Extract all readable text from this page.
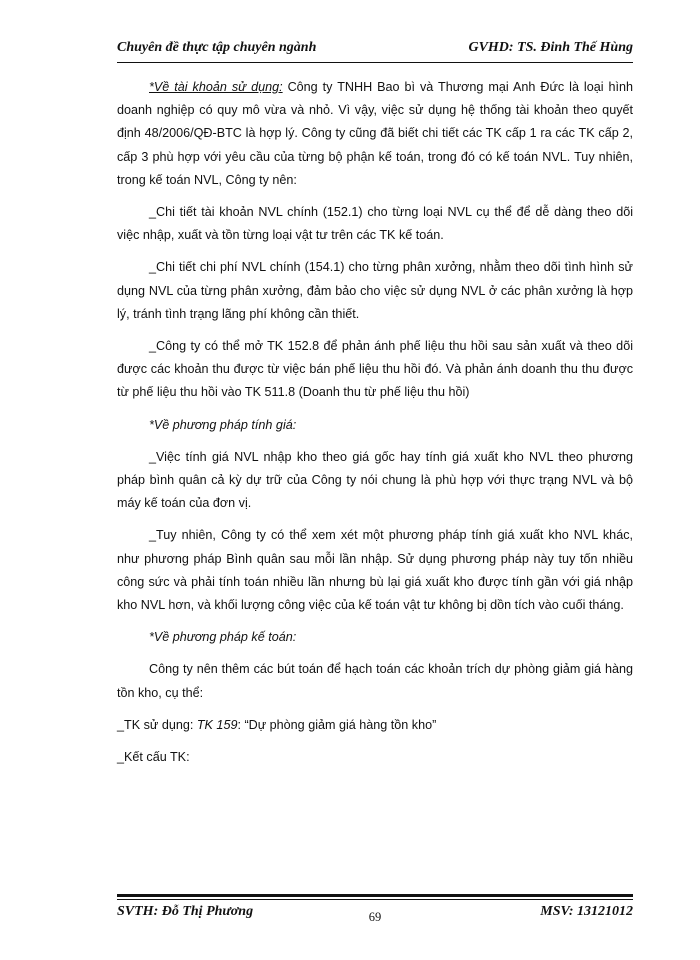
Chuyên đề thực tập chuyên ngành	GVHD: TS. Đinh Thế Hùng

*Về tài khoản sử dụng: Công ty TNHH Bao bì và Thương mại Anh Đức là loại hình doanh nghiệp có quy mô vừa và nhỏ. Vì vậy, việc sử dụng hệ thống tài khoản theo quyết định 48/2006/QĐ-BTC là hợp lý. Công ty cũng đã biết chi tiết các TK cấp 1 ra các TK cấp 2, cấp 3 phù hợp với yêu cầu của từng bộ phận kế toán, trong đó có kế toán NVL. Tuy nhiên, trong kế toán NVL, Công ty nên:

_Chi tiết tài khoản NVL chính (152.1) cho từng loại NVL cụ thể để dễ dàng theo dõi việc nhập, xuất và tồn từng loại vật tư trên các TK kế toán.

_Chi tiết chi phí NVL chính (154.1) cho từng phân xưởng, nhằm theo dõi tình hình sử dụng NVL của từng phân xưởng, đảm bảo cho việc sử dụng NVL ở các phân xưởng là hợp lý, tránh tình trạng lãng phí không cần thiết.

_Công ty có thể mở TK 152.8 để phản ánh phế liệu thu hồi sau sản xuất và theo dõi được các khoản thu được từ việc bán phế liệu thu hồi đó. Và phản ánh doanh thu thu được từ phế liệu thu hồi vào TK 511.8 (Doanh thu từ phế liệu thu hồi)

*Về phương pháp tính giá:

_Việc tính giá NVL nhập kho theo giá gốc hay tính giá xuất kho NVL theo phương pháp bình quân cả kỳ dự trữ của Công ty nói chung là phù hợp với thực trạng NVL và bộ máy kế toán của đơn vị.

_Tuy nhiên, Công ty có thể xem xét một phương pháp tính giá xuất kho NVL khác, như phương pháp Bình quân sau mỗi lần nhập. Sử dụng phương pháp này tuy tốn nhiều công sức và phải tính toán nhiều lần nhưng bù lại giá xuất kho được tính gần với giá nhập kho NVL hơn, và khối lượng công việc của kế toán vật tư không bị dồn tích vào cuối tháng.

*Về phương pháp kế toán:

Công ty nên thêm các bút toán để hạch toán các khoản trích dự phòng giảm giá hàng tồn kho, cụ thể:

_TK sử dụng: TK 159: “Dự phòng giảm giá hàng tồn kho”

_Kết cấu TK:

SVTH: Đỗ Thị Phương	69	MSV: 13121012
